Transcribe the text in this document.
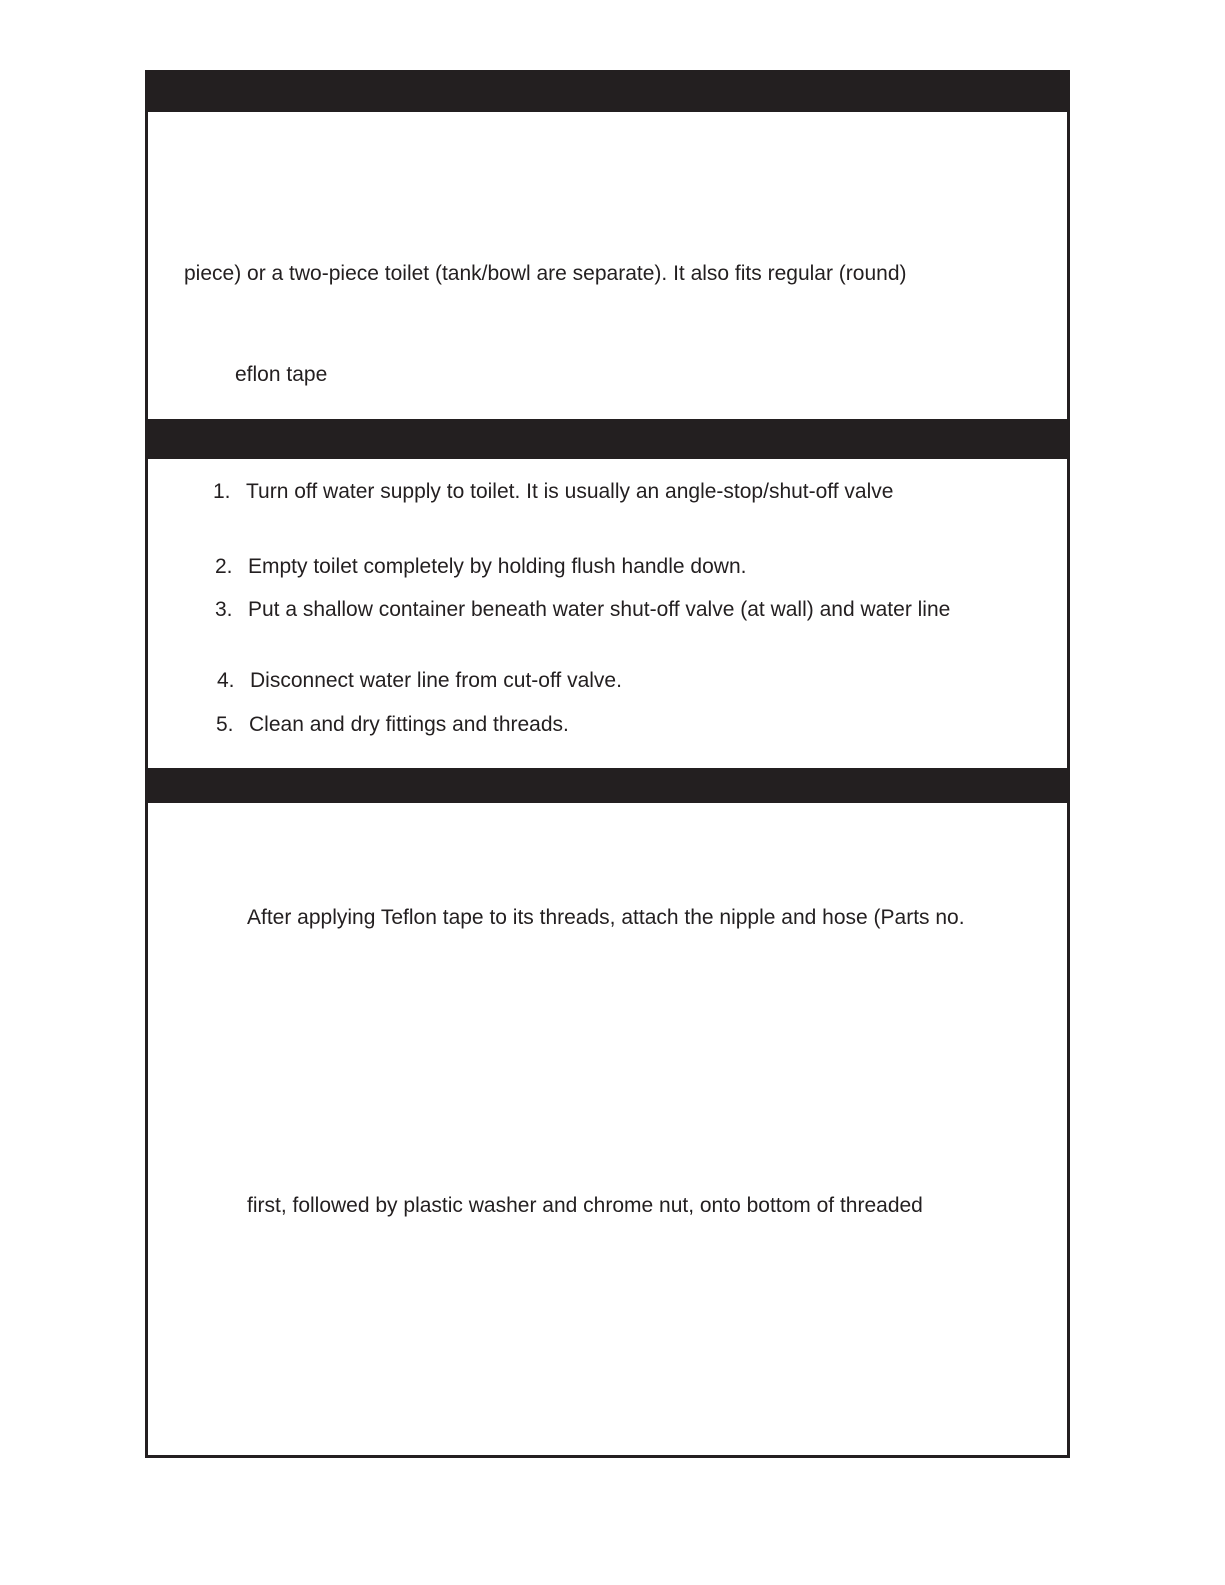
piece) or a two-piece toilet (tank/bowl are separate). It also fits regular (round)
eflon tape
1. Turn off water supply to toilet. It is usually an angle-stop/shut-off valve
2. Empty toilet completely by holding flush handle down.
3. Put a shallow container beneath water shut-off valve (at wall) and water line
4. Disconnect water line from cut-off valve.
5. Clean and dry fittings and threads.
After applying Teflon tape to its threads, attach the nipple and hose (Parts no.
first, followed by plastic washer and chrome nut, onto bottom of threaded
